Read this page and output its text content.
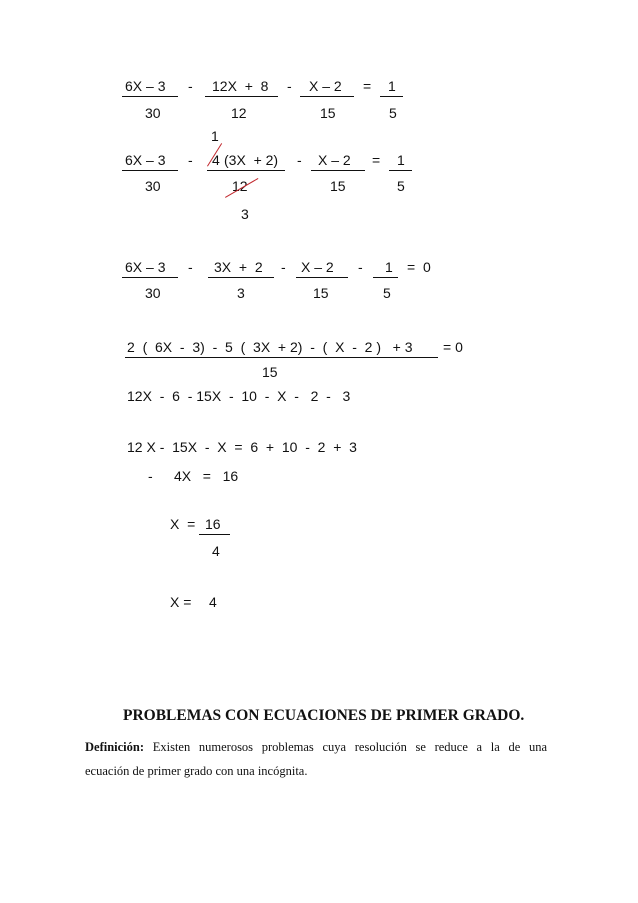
6X – 3 - 12X  +  8 - X – 2 = 1
30	12	15	5
1
6X – 3 - 4 (3X  + 2) - X – 2 = 1
30	12	15	5
3
6X – 3 - 3X  +  2 - X – 2 - 1 =  0
30	3	15	5
2  (  6X  -  3)  -  5  (  3X  + 2)  -  (  X  -  2 )   + 3 = 0
15
12X  -  6  - 15X  -  10  -  X  -   2  -   3
12 X -  15X  -  X  =  6  +  10  -  2  +  3
- 4X   =   16
X  = 16
4
X = 4
PROBLEMAS CON ECUACIONES DE PRIMER GRADO.
Definición: Existen numerosos problemas cuya resolución se reduce a la de una
ecuación de primer grado con una incógnita.
